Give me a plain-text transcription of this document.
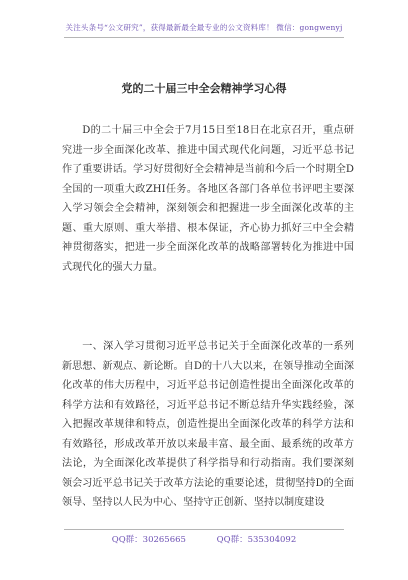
关注头条号“公文研究”，获得最新最全最专业的公文资料库！ 微信：gongwenyj
党的二十届三中全会精神学习心得

D的二十届三中全会于7月15日至18日在北京召开，重点研究进一步全面深化改革、推进中国式现代化问题，习近平总书记作了重要讲话。学习好贯彻好全会精神是当前和今后一个时期全D全国的一项重大政ZHI任务。各地区各部门各单位书评吧主要深入学习领会全会精神，深刻领会和把握进一步全面深化改革的主题、重大原则、重大举措、根本保证，齐心协力抓好三中全会精神贯彻落实，把进一步全面深化改革的战略部署转化为推进中国式现代化的强大力量。

一、深入学习贯彻习近平总书记关于全面深化改革的一系列新思想、新观点、新论断。自D的十八大以来，在领导推动全面深化改革的伟大历程中，习近平总书记创造性提出全面深化改革的科学方法和有效路径，习近平总书记不断总结升华实践经验，深入把握改革规律和特点，创造性提出全面深化改革的科学方法和有效路径，形成改革开放以来最丰富、最全面、最系统的改革方法论，为全面深化改革提供了科学指导和行动指南。我们要深刻领会习近平总书记关于改革方法论的重要论述，贯彻坚持D的全面领导、坚持以人民为中心、坚持守正创新、坚持以制度建设

QQ群：30265665	QQ群：535304092
